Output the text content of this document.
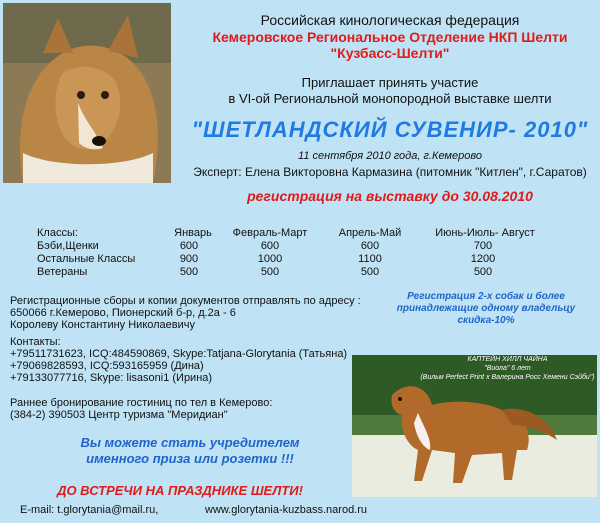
Российская кинологическая федерация
Кемеровское Региональное Отделение НКП Шелти
"Кузбасс-Шелти"
Приглашает принять участие
в VI-ой Региональной монопородной выставке шелти
"ШЕТЛАНДСКИЙ СУВЕНИР- 2010"
11 сентября 2010 года, г.Кемерово
Эксперт: Елена Викторовна Кармазина (питомник "Китлен", г.Саратов)
регистрация на выставку до 30.08.2010
Классы:	Январь	Февраль-Март	Апрель-Май	Июнь-Июль- Август
Бэби,Щенки	600	600	600	700
Остальные Классы	900	1000	1100	1200
Ветераны	500	500	500	500
Регистрационные сборы и копии документов отправлять по адресу :
650066 г.Кемерово, Пионерский б-р, д.2а - 6
Королеву Константину Николаевичу
Регистрация 2-х собак и более
принадлежащие одному владельцу
скидка-10%
Контакты:
+79511731623, ICQ:484590869, Skype:Tatjana-Glorytania (Татьяна)
+79069828593, ICQ:593165959 (Дина)
+79133077716, Skype: lisasoni1 (Ирина)
Раннее бронирование гостиниц по тел в Кемерово:
(384-2) 390503 Центр туризма "Меридиан"
Вы можете стать учредителем
именного приза или розетки !!!
ДО ВСТРЕЧИ НА ПРАЗДНИКЕ ШЕЛТИ!
E-mail: t.glorytania@mail.ru,	www.glorytania-kuzbass.narod.ru
КАПТЕЙН ХИЛЛ ЧАЙНА
"Виола" 6 лет
(Вильм Perfect Print х Валерина Росс Хемени Сэйби")
